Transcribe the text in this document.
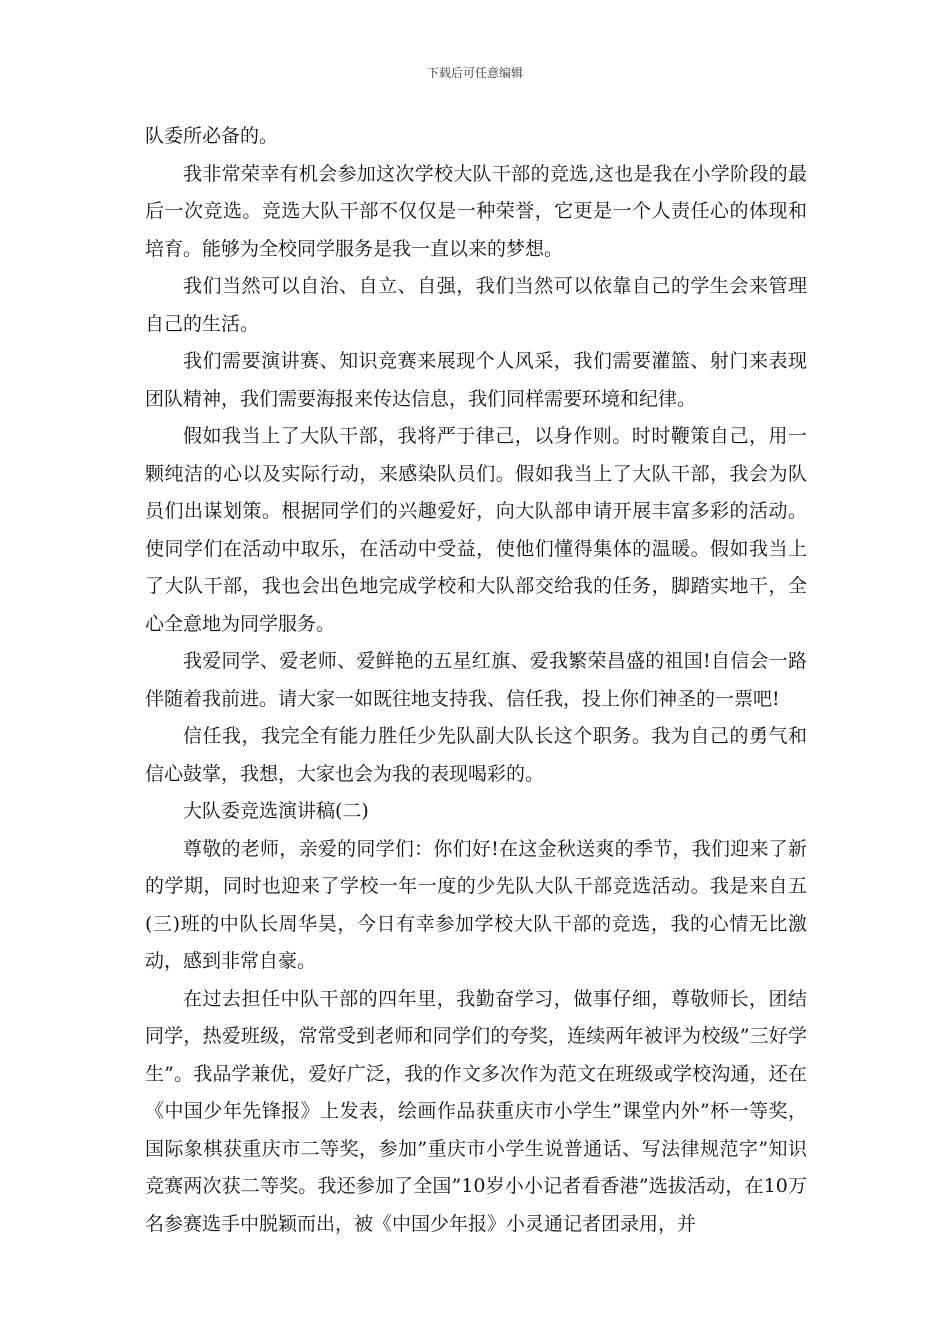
下载后可任意编辑

队委所必备的。

我非常荣幸有机会参加这次学校大队干部的竞选,这也是我在小学阶段的最后一次竞选。竞选大队干部不仅仅是一种荣誉，它更是一个人责任心的体现和培育。能够为全校同学服务是我一直以来的梦想。

我们当然可以自治、自立、自强，我们当然可以依靠自己的学生会来管理自己的生活。

我们需要演讲赛、知识竞赛来展现个人风采，我们需要灌篮、射门来表现团队精神，我们需要海报来传达信息，我们同样需要环境和纪律。

假如我当上了大队干部，我将严于律己，以身作则。时时鞭策自己，用一颗纯洁的心以及实际行动，来感染队员们。假如我当上了大队干部，我会为队员们出谋划策。根据同学们的兴趣爱好，向大队部申请开展丰富多彩的活动。使同学们在活动中取乐，在活动中受益，使他们懂得集体的温暖。假如我当上了大队干部，我也会出色地完成学校和大队部交给我的任务，脚踏实地干，全心全意地为同学服务。

我爱同学、爱老师、爱鲜艳的五星红旗、爱我繁荣昌盛的祖国!自信会一路伴随着我前进。请大家一如既往地支持我、信任我，投上你们神圣的一票吧!

信任我，我完全有能力胜任少先队副大队长这个职务。我为自己的勇气和信心鼓掌，我想，大家也会为我的表现喝彩的。

大队委竞选演讲稿(二)

尊敬的老师，亲爱的同学们：你们好!在这金秋送爽的季节，我们迎来了新的学期，同时也迎来了学校一年一度的少先队大队干部竞选活动。我是来自五(三)班的中队长周华昊，今日有幸参加学校大队干部的竞选，我的心情无比激动，感到非常自豪。

在过去担任中队干部的四年里，我勤奋学习，做事仔细，尊敬师长，团结同学，热爱班级，常常受到老师和同学们的夸奖，连续两年被评为校级”三好学生”。我品学兼优，爱好广泛，我的作文多次作为范文在班级或学校沟通，还在《中国少年先锋报》上发表，绘画作品获重庆市小学生”课堂内外”杯一等奖，国际象棋获重庆市二等奖，参加”重庆市小学生说普通话、写法律规范字”知识竞赛两次获二等奖。我还参加了全国”10岁小小记者看香港”选拔活动，在10万名参赛选手中脱颖而出，被《中国少年报》小灵通记者团录用，并
